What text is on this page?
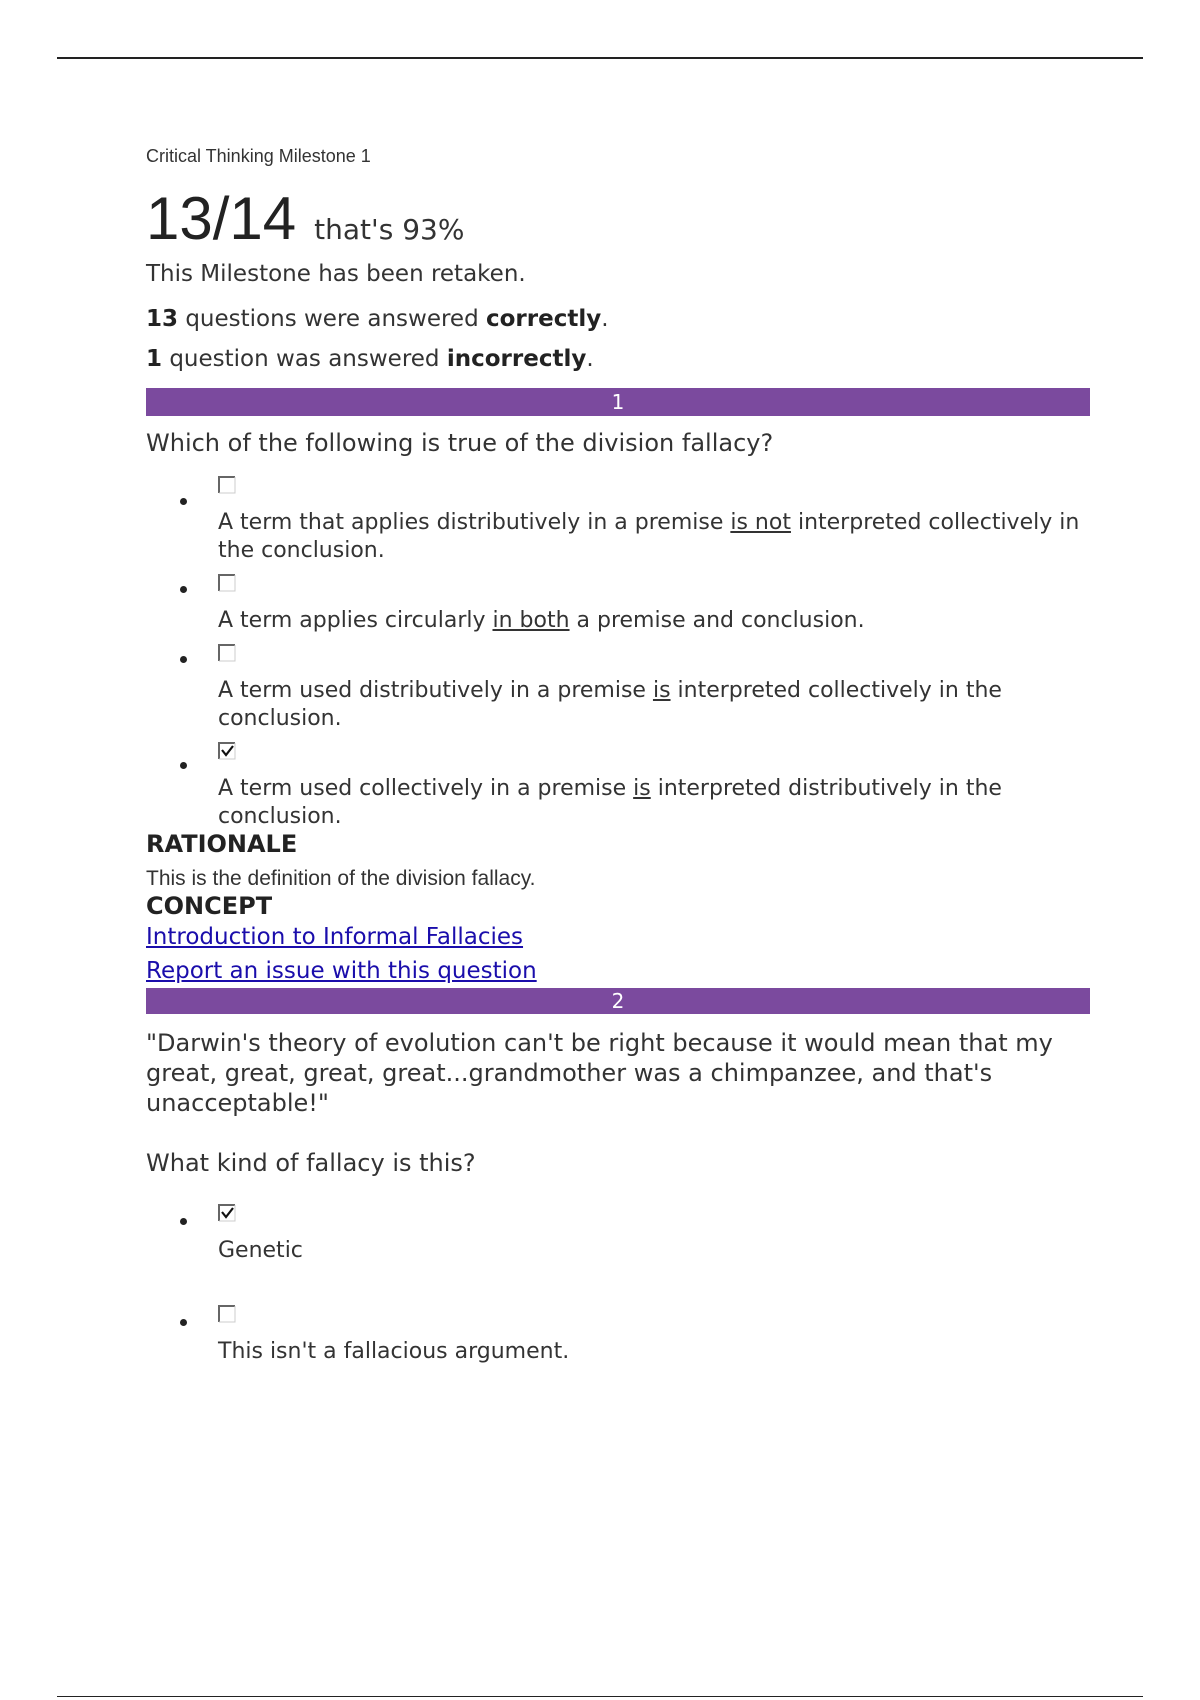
Critical Thinking Milestone 1

13/14 that's 93%

This Milestone has been retaken.

13 questions were answered correctly.

1 question was answered incorrectly.

1

Which of the following is true of the division fallacy?

A term that applies distributively in a premise is not interpreted collectively in the conclusion.
A term applies circularly in both a premise and conclusion.
A term used distributively in a premise is interpreted collectively in the conclusion.
A term used collectively in a premise is interpreted distributively in the conclusion.

RATIONALE

This is the definition of the division fallacy.

CONCEPT

Introduction to Informal Fallacies
Report an issue with this question
2

"Darwin's theory of evolution can't be right because it would mean that my great, great, great, great...grandmother was a chimpanzee, and that's unacceptable!"

What kind of fallacy is this?

Genetic
This isn't a fallacious argument.
